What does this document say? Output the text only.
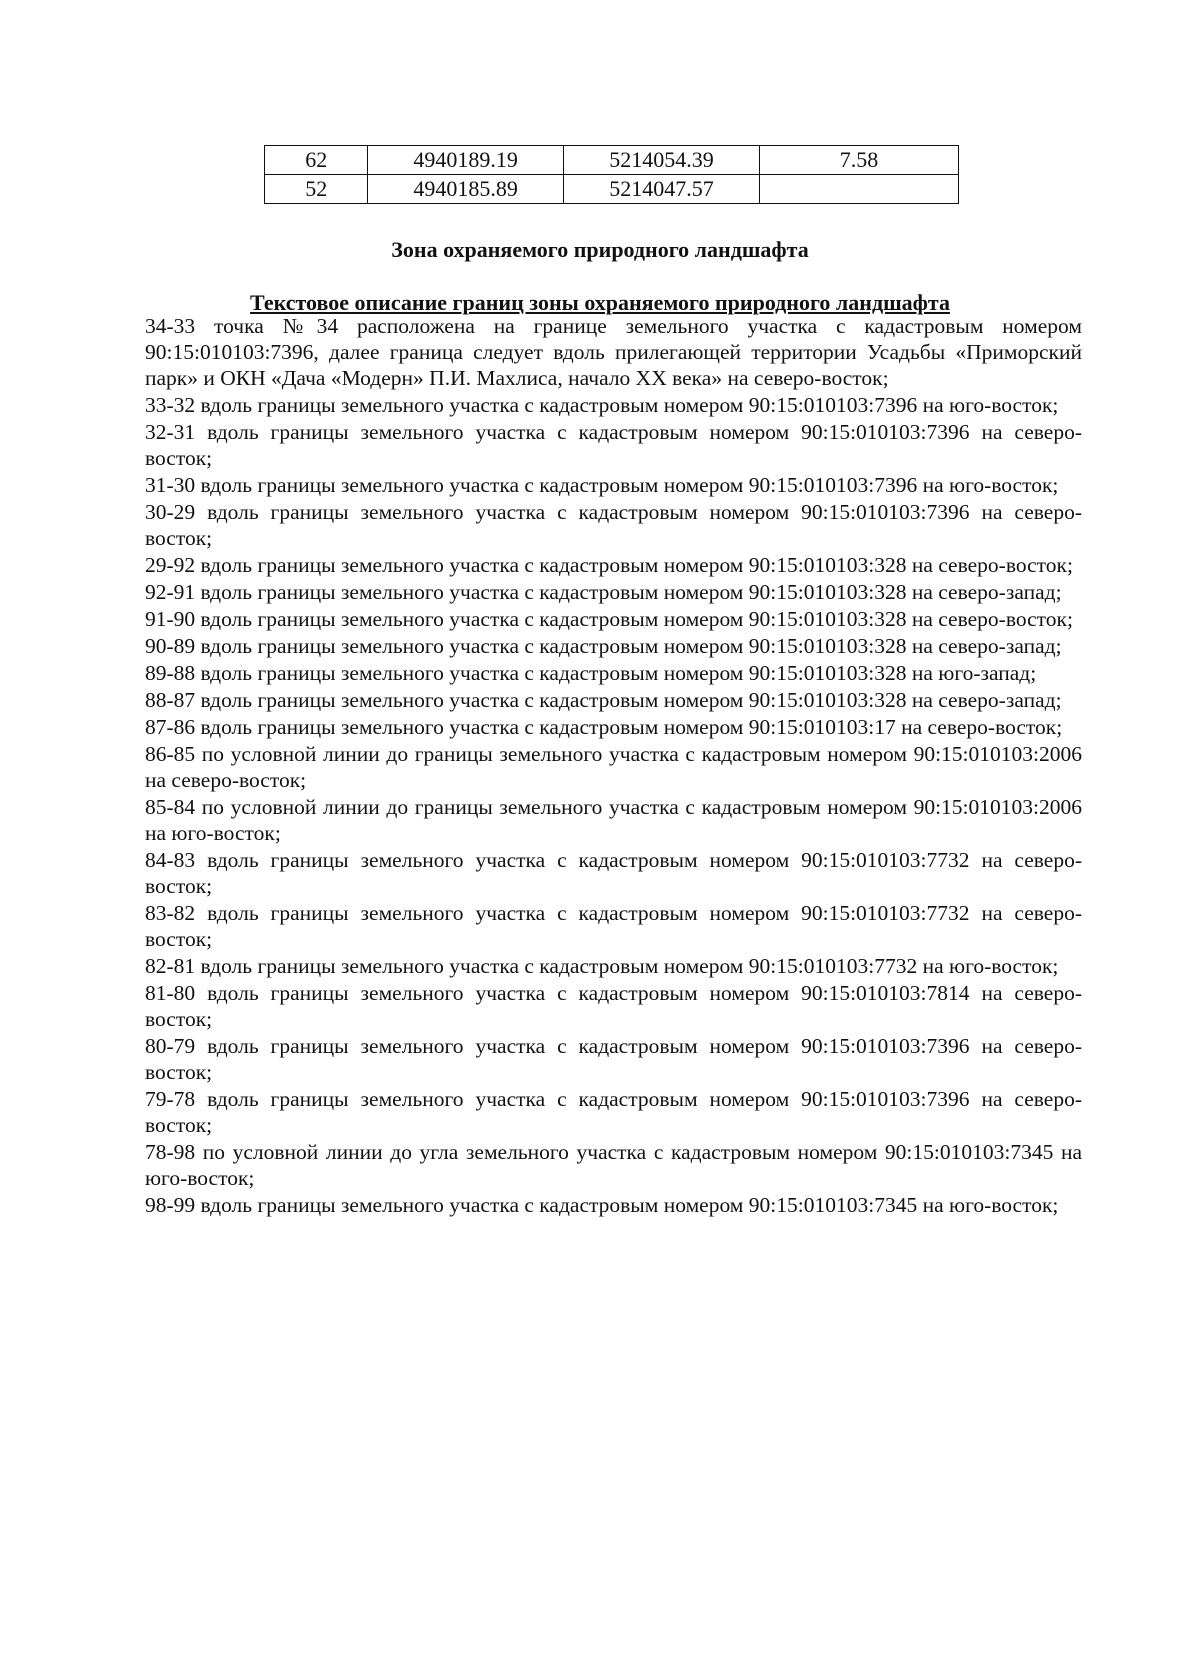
62	4940189.19	5214054.39	7.58
52	4940185.89	5214047.57	
Зона охраняемого природного ландшафта
Текстовое описание границ зоны охраняемого природного ландшафта
34-33 точка №34 расположена на границе земельного участка с кадастровым номером 90:15:010103:7396, далее граница следует вдоль прилегающей территории Усадьбы «Приморский парк» и ОКН «Дача «Модерн» П.И. Махлиса, начало XX века» на северо-восток;
33-32 вдоль границы земельного участка с кадастровым номером 90:15:010103:7396 на юго-восток;
32-31 вдоль границы земельного участка с кадастровым номером 90:15:010103:7396 на северо-восток;
31-30 вдоль границы земельного участка с кадастровым номером 90:15:010103:7396 на юго-восток;
30-29 вдоль границы земельного участка с кадастровым номером 90:15:010103:7396 на северо-восток;
29-92 вдоль границы земельного участка с кадастровым номером 90:15:010103:328 на северо-восток;
92-91 вдоль границы земельного участка с кадастровым номером 90:15:010103:328 на северо-запад;
91-90 вдоль границы земельного участка с кадастровым номером 90:15:010103:328 на северо-восток;
90-89 вдоль границы земельного участка с кадастровым номером 90:15:010103:328 на северо-запад;
89-88 вдоль границы земельного участка с кадастровым номером 90:15:010103:328 на юго-запад;
88-87 вдоль границы земельного участка с кадастровым номером 90:15:010103:328 на северо-запад;
87-86 вдоль границы земельного участка с кадастровым номером 90:15:010103:17 на северо-восток;
86-85 по условной линии до границы земельного участка с кадастровым номером 90:15:010103:2006 на северо-восток;
85-84 по условной линии до границы земельного участка с кадастровым номером 90:15:010103:2006 на юго-восток;
84-83 вдоль границы земельного участка с кадастровым номером 90:15:010103:7732 на северо-восток;
83-82 вдоль границы земельного участка с кадастровым номером 90:15:010103:7732 на северо-восток;
82-81 вдоль границы земельного участка с кадастровым номером 90:15:010103:7732 на юго-восток;
81-80 вдоль границы земельного участка с кадастровым номером 90:15:010103:7814 на северо-восток;
80-79 вдоль границы земельного участка с кадастровым номером 90:15:010103:7396 на северо-восток;
79-78 вдоль границы земельного участка с кадастровым номером 90:15:010103:7396 на северо-восток;
78-98 по условной линии до угла земельного участка с кадастровым номером 90:15:010103:7345 на юго-восток;
98-99 вдоль границы земельного участка с кадастровым номером 90:15:010103:7345 на юго-восток;
